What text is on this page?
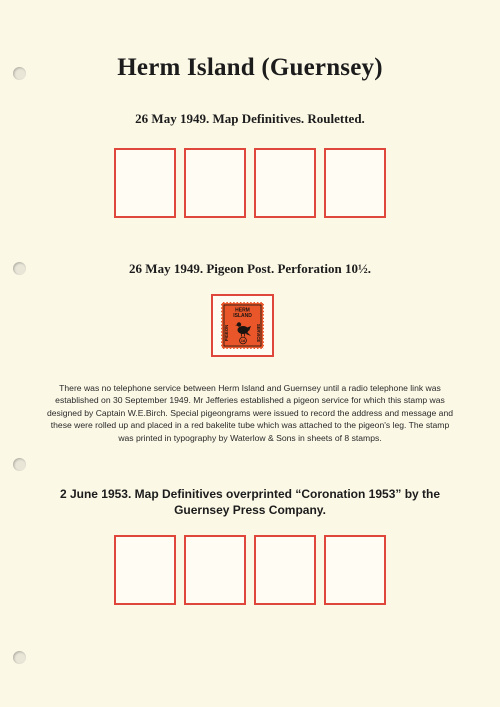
Herm Island (Guernsey)
26 May 1949. Map Definitives. Rouletted.
26 May 1949. Pigeon Post. Perforation 10½.
HERM
ISLAND
PIGEON	SERVICE
1d
There was no telephone service between Herm Island and Guernsey until a radio telephone link was established on 30 September 1949. Mr Jefferies established a pigeon service for which this stamp was designed by Captain W.E.Birch. Special pigeongrams were issued to record the address and message and these were rolled up and placed in a red bakelite tube which was attached to the pigeon's leg. The stamp was printed in typography by Waterlow & Sons in sheets of 8 stamps.
2 June 1953. Map Definitives overprinted “Coronation 1953” by the
Guernsey Press Company.
